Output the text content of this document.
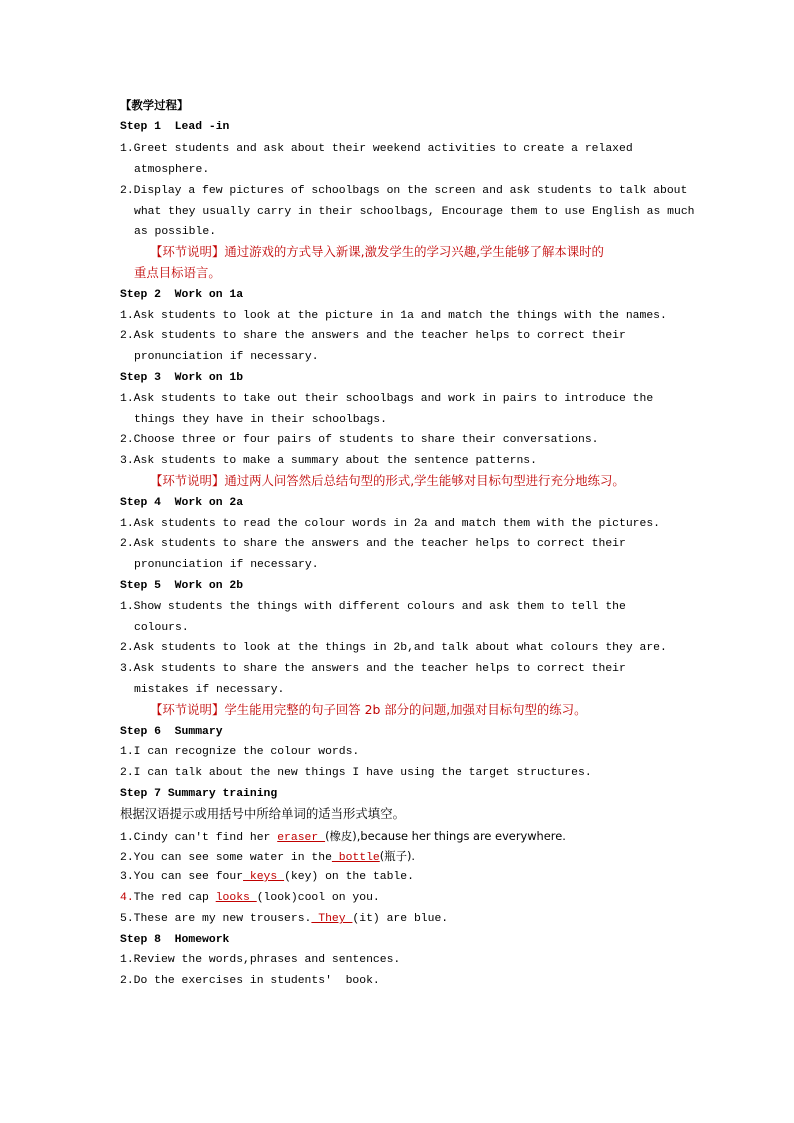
【教学过程】
Step 1  Lead -in
1.Greet students and ask about their weekend activities to create a relaxed
atmosphere.
2.Display a few pictures of schoolbags on the screen and ask students to talk about
what they usually carry in their schoolbags, Encourage them to use English as much
as possible.
【环节说明】通过游戏的方式导入新课,激发学生的学习兴趣,学生能够了解本课时的
重点目标语言。
Step 2  Work on 1a
1.Ask students to look at the picture in 1a and match the things with the names.
2.Ask students to share the answers and the teacher helps to correct their
pronunciation if necessary.
Step 3  Work on 1b
1.Ask students to take out their schoolbags and work in pairs to introduce the
things they have in their schoolbags.
2.Choose three or four pairs of students to share their conversations.
3.Ask students to make a summary about the sentence patterns.
【环节说明】通过两人问答然后总结句型的形式,学生能够对目标句型进行充分地练习。
Step 4  Work on 2a
1.Ask students to read the colour words in 2a and match them with the pictures.
2.Ask students to share the answers and the teacher helps to correct their
pronunciation if necessary.
Step 5  Work on 2b
1.Show students the things with different colours and ask them to tell the
colours.
2.Ask students to look at the things in 2b,and talk about what colours they are.
3.Ask students to share the answers and the teacher helps to correct their
mistakes if necessary.
【环节说明】学生能用完整的句子回答 2b 部分的问题,加强对目标句型的练习。
Step 6  Summary
1.I can recognize the colour words.
2.I can talk about the new things I have using the target structures.
Step 7 Summary training
根据汉语提示或用括号中所给单词的适当形式填空。
1.Cindy can't find her eraser (橡皮),because her things are everywhere.
2.You can see some water in the bottle(瓶子).
3.You can see four keys (key) on the table.
4.The red cap looks (look)cool on you.
5.These are my new trousers. They (it) are blue.
Step 8  Homework
1.Review the words,phrases and sentences.
2.Do the exercises in students'  book.
